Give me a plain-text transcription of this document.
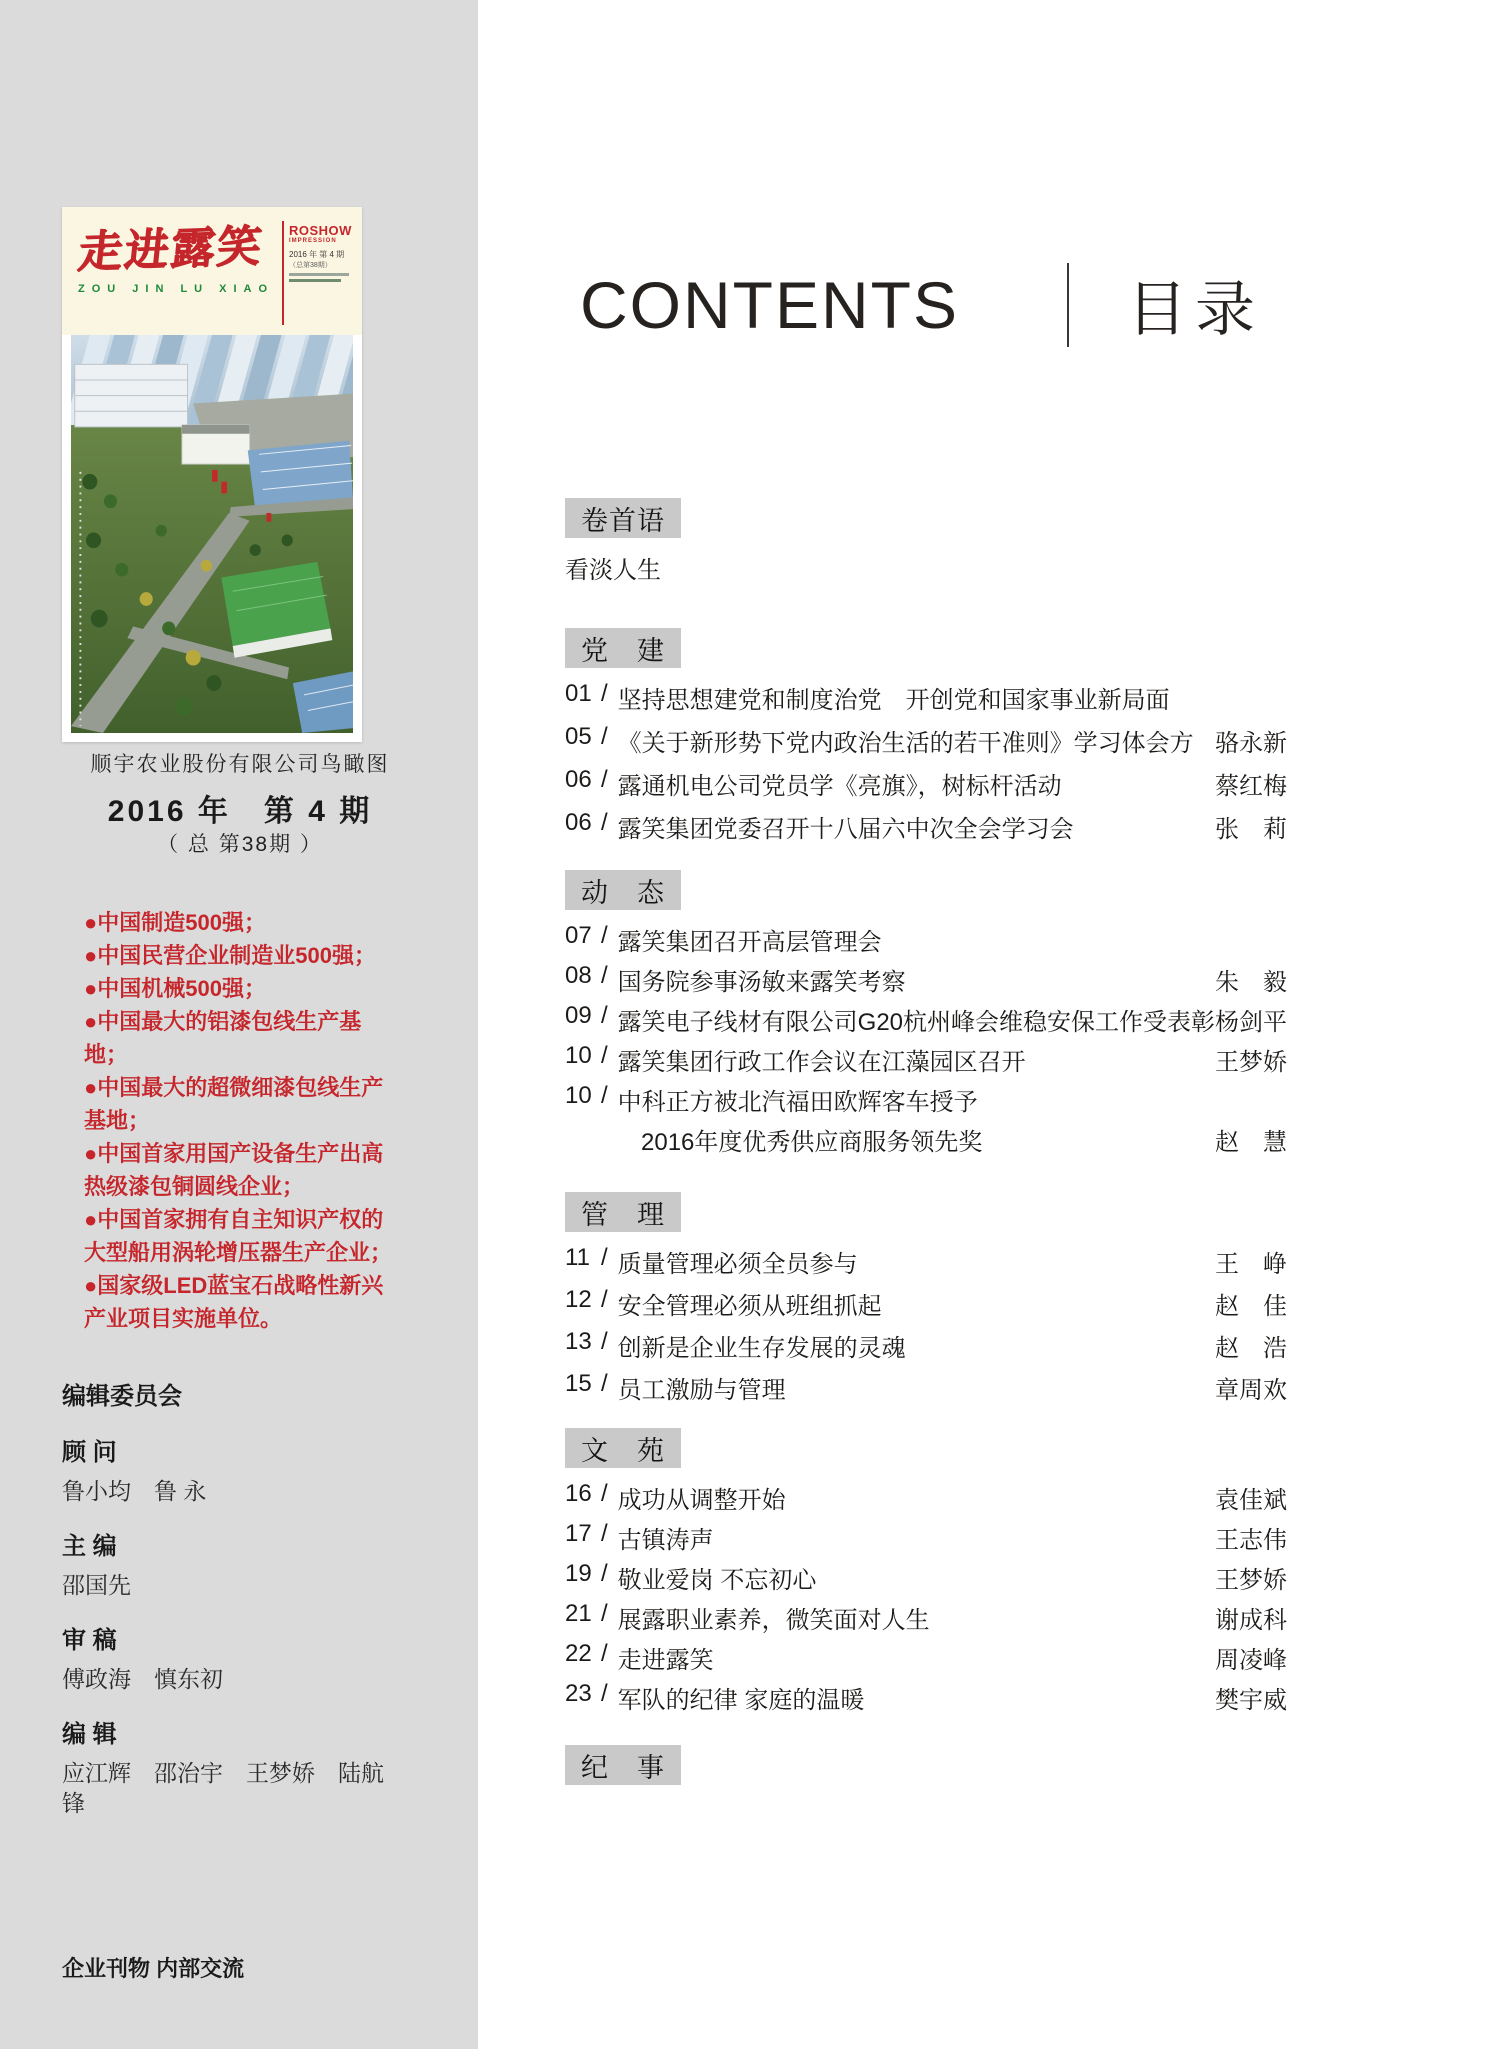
走进露笑
ZOU JIN LU XIAO
ROSHOW
IMPRESSION
2016 年 第 4 期
（总第38期）
顺宇农业股份有限公司鸟瞰图
2016 年　第 4 期
（ 总 第38期 ）
●中国制造500强；
●中国民营企业制造业500强；
●中国机械500强；
●中国最大的铝漆包线生产基地；
●中国最大的超微细漆包线生产基地；
●中国首家用国产设备生产出高热级漆包铜圆线企业；
●中国首家拥有自主知识产权的大型船用涡轮增压器生产企业；
●国家级LED蓝宝石战略性新兴产业项目实施单位。
编辑委员会
顾 问
鲁小均　鲁 永
主 编
邵国先
审 稿
傅政海　慎东初
编 辑
应江辉　邵治宇　王梦娇　陆航锋
企业刊物 内部交流
CONTENTS	目录
卷首语
看淡人生
党　建
01 / 坚持思想建党和制度治党　开创党和国家事业新局面
05 / 《关于新形势下党内政治生活的若干准则》学习体会方 骆永新
06 / 露通机电公司党员学《亮旗》，树标杆活动	蔡红梅
06 / 露笑集团党委召开十八届六中次全会学习会	张　莉
动　态
07 / 露笑集团召开高层管理会
08 / 国务院参事汤敏来露笑考察	朱　毅
09 / 露笑电子线材有限公司G20杭州峰会维稳安保工作受表彰 杨剑平
10 / 露笑集团行政工作会议在江藻园区召开	王梦娇
10 / 中科正方被北汽福田欧辉客车授予
2016年度优秀供应商服务领先奖	赵　慧
管　理
11 / 质量管理必须全员参与	王　峥
12 / 安全管理必须从班组抓起	赵　佳
13 / 创新是企业生存发展的灵魂	赵　浩
15 / 员工激励与管理	章周欢
文　苑
16 / 成功从调整开始	袁佳斌
17 / 古镇涛声	王志伟
19 / 敬业爱岗 不忘初心	王梦娇
21 / 展露职业素养，微笑面对人生	谢成科
22 / 走进露笑	周凌峰
23 / 军队的纪律 家庭的温暖	樊宇威
纪　事
